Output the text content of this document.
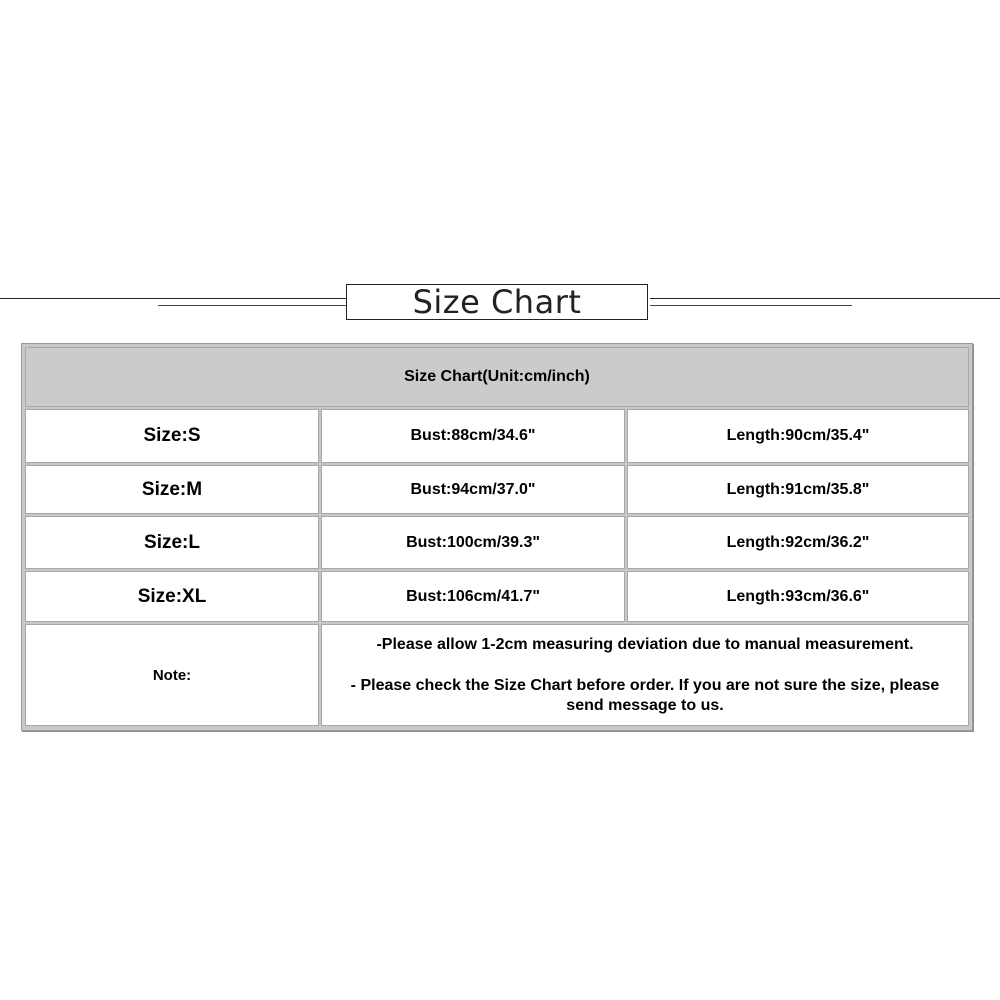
Size Chart
Size Chart(Unit:cm/inch)
Size:S	Bust:88cm/34.6"	Length:90cm/35.4"
Size:M	Bust:94cm/37.0"	Length:91cm/35.8"
Size:L	Bust:100cm/39.3"	Length:92cm/36.2"
Size:XL	Bust:106cm/41.7"	Length:93cm/36.6"
Note:
-Please allow 1-2cm measuring deviation due to manual measurement.
- Please check the Size Chart before order. If you are not sure the size, please
send message to us.
